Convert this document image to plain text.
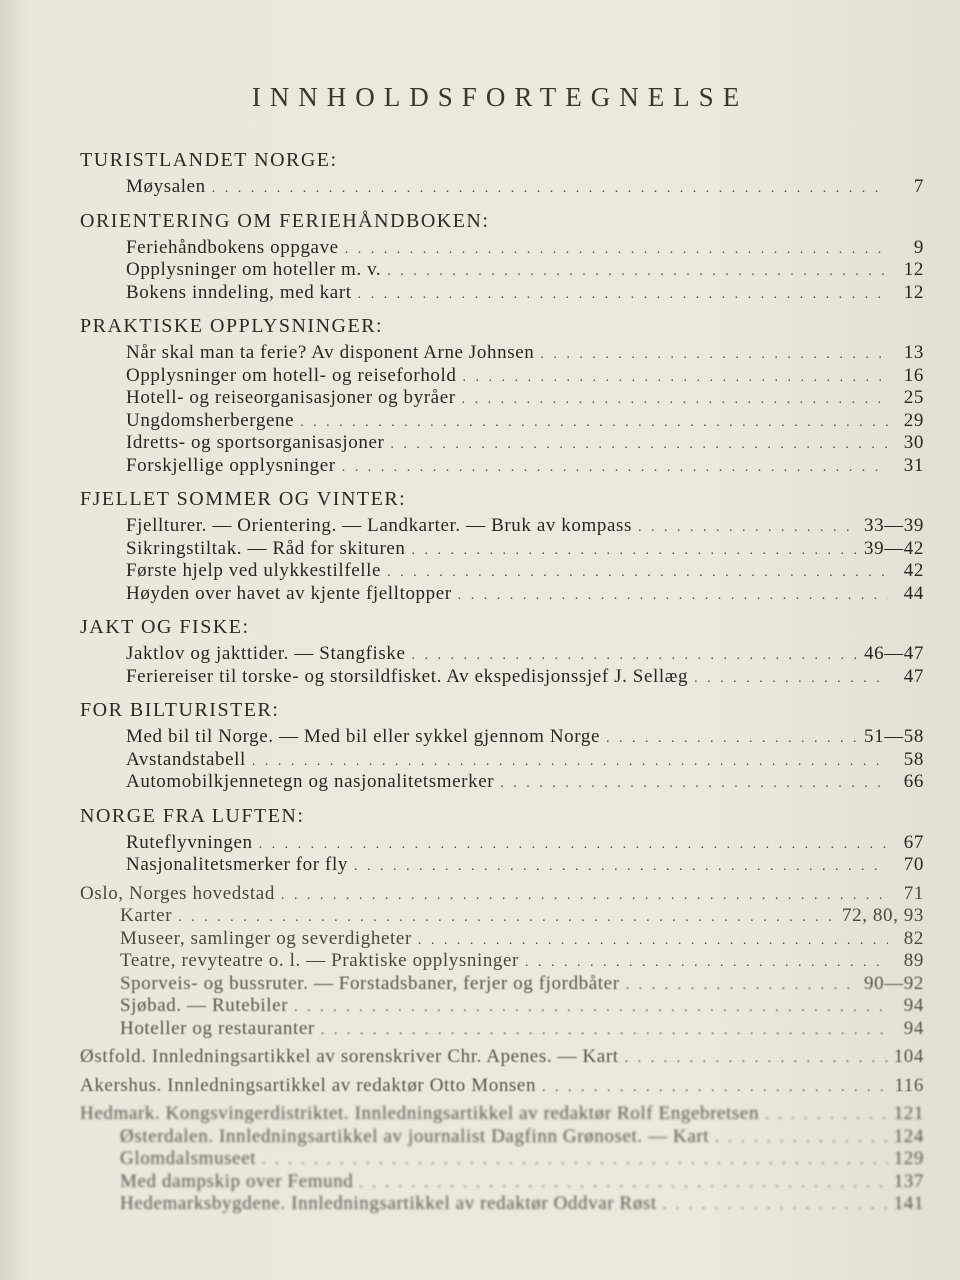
INNHOLDSFORTEGNELSE
TURISTLANDET NORGE:
Møysalen . . .	7
ORIENTERING OM FERIEHÅNDBOKEN:
Feriehåndbokens oppgave . . .	9
Opplysninger om hoteller m. v. . . .	12
Bokens inndeling, med kart . . .	12
PRAKTISKE OPPLYSNINGER:
Når skal man ta ferie? Av disponent Arne Johnsen . . .	13
Opplysninger om hotell- og reiseforhold . . .	16
Hotell- og reiseorganisasjoner og byråer . . .	25
Ungdomsherbergene . . .	29
Idretts- og sportsorganisasjoner . . .	30
Forskjellige opplysninger . . .	31
FJELLET SOMMER OG VINTER:
Fjellturer. — Orientering. — Landkarter. — Bruk av kompass . . .	33—39
Sikringstiltak. — Råd for skituren . . .	39—42
Første hjelp ved ulykkestilfelle . . .	42
Høyden over havet av kjente fjelltopper . . .	44
JAKT OG FISKE:
Jaktlov og jakttider. — Stangfiske . . .	46—47
Feriereiser til torske- og storsildfisket. Av ekspedisjonssjef J. Sellæg . . .	47
FOR BILTURISTER:
Med bil til Norge. — Med bil eller sykkel gjennom Norge . . .	51—58
Avstandstabell . . .	58
Automobilkjennetegn og nasjonalitetsmerker . . .	66
NORGE FRA LUFTEN:
Ruteflyvningen . . .	67
Nasjonalitetsmerker for fly . . .	70
Oslo, Norges hovedstad . . .	71
Karter . . .	72, 80, 93
Museer, samlinger og severdigheter . . .	82
Teatre, revyteatre o. l. — Praktiske opplysninger . . .	89
Sporveis- og bussruter. — Forstadsbaner, ferjer og fjordbåter . . .	90—92
Sjøbad. — Rutebiler . . .	94
Hoteller og restauranter . . .	94
Østfold. Innledningsartikkel av sorenskriver Chr. Apenes. — Kart . . .	104
Akershus. Innledningsartikkel av redaktør Otto Monsen . . .	116
Hedmark. Kongsvingerdistriktet. Innledningsartikkel av redaktør Rolf Engebretsen . . .	121
Østerdalen. Innledningsartikkel av journalist Dagfinn Grønoset. — Kart . . .	124
Glomdalsmuseet . . .	129
Med dampskip over Femund . . .	137
Hedemarksbygdene. Innledningsartikkel av redaktør Oddvar Røst . . .	141
